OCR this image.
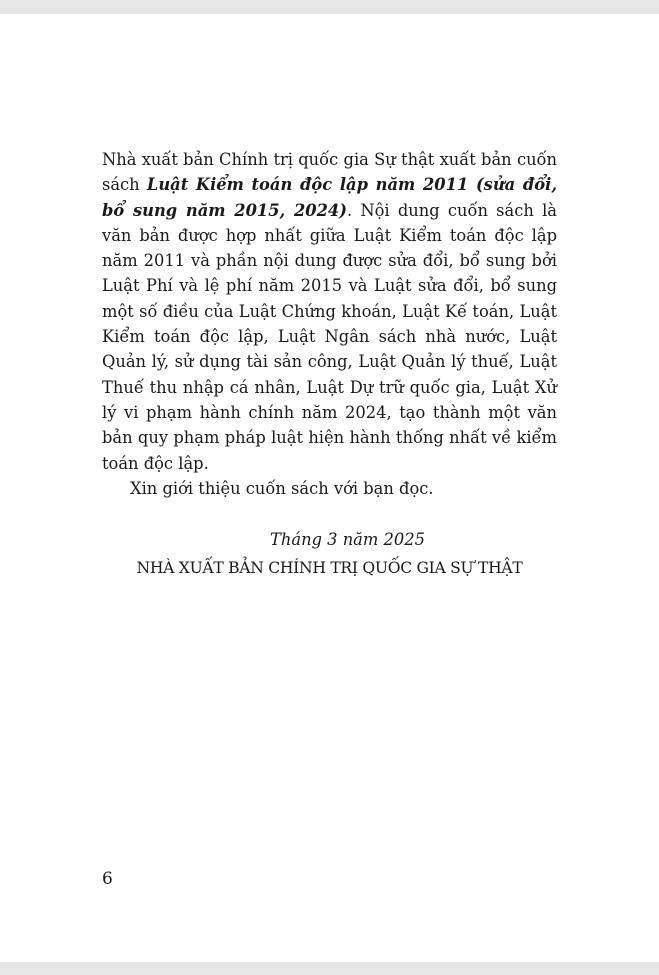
Nhà xuất bản Chính trị quốc gia Sự thật xuất bản cuốn sách Luật Kiểm toán độc lập năm 2011 (sửa đổi, bổ sung năm 2015, 2024). Nội dung cuốn sách là văn bản được hợp nhất giữa Luật Kiểm toán độc lập năm 2011 và phần nội dung được sửa đổi, bổ sung bởi Luật Phí và lệ phí năm 2015 và Luật sửa đổi, bổ sung một số điều của Luật Chứng khoán, Luật Kế toán, Luật Kiểm toán độc lập, Luật Ngân sách nhà nước, Luật Quản lý, sử dụng tài sản công, Luật Quản lý thuế, Luật Thuế thu nhập cá nhân, Luật Dự trữ quốc gia, Luật Xử lý vi phạm hành chính năm 2024, tạo thành một văn bản quy phạm pháp luật hiện hành thống nhất về kiểm toán độc lập.

Xin giới thiệu cuốn sách với bạn đọc.

Tháng 3 năm 2025
NHÀ XUẤT BẢN CHÍNH TRỊ QUỐC GIA SỰ THẬT
6
